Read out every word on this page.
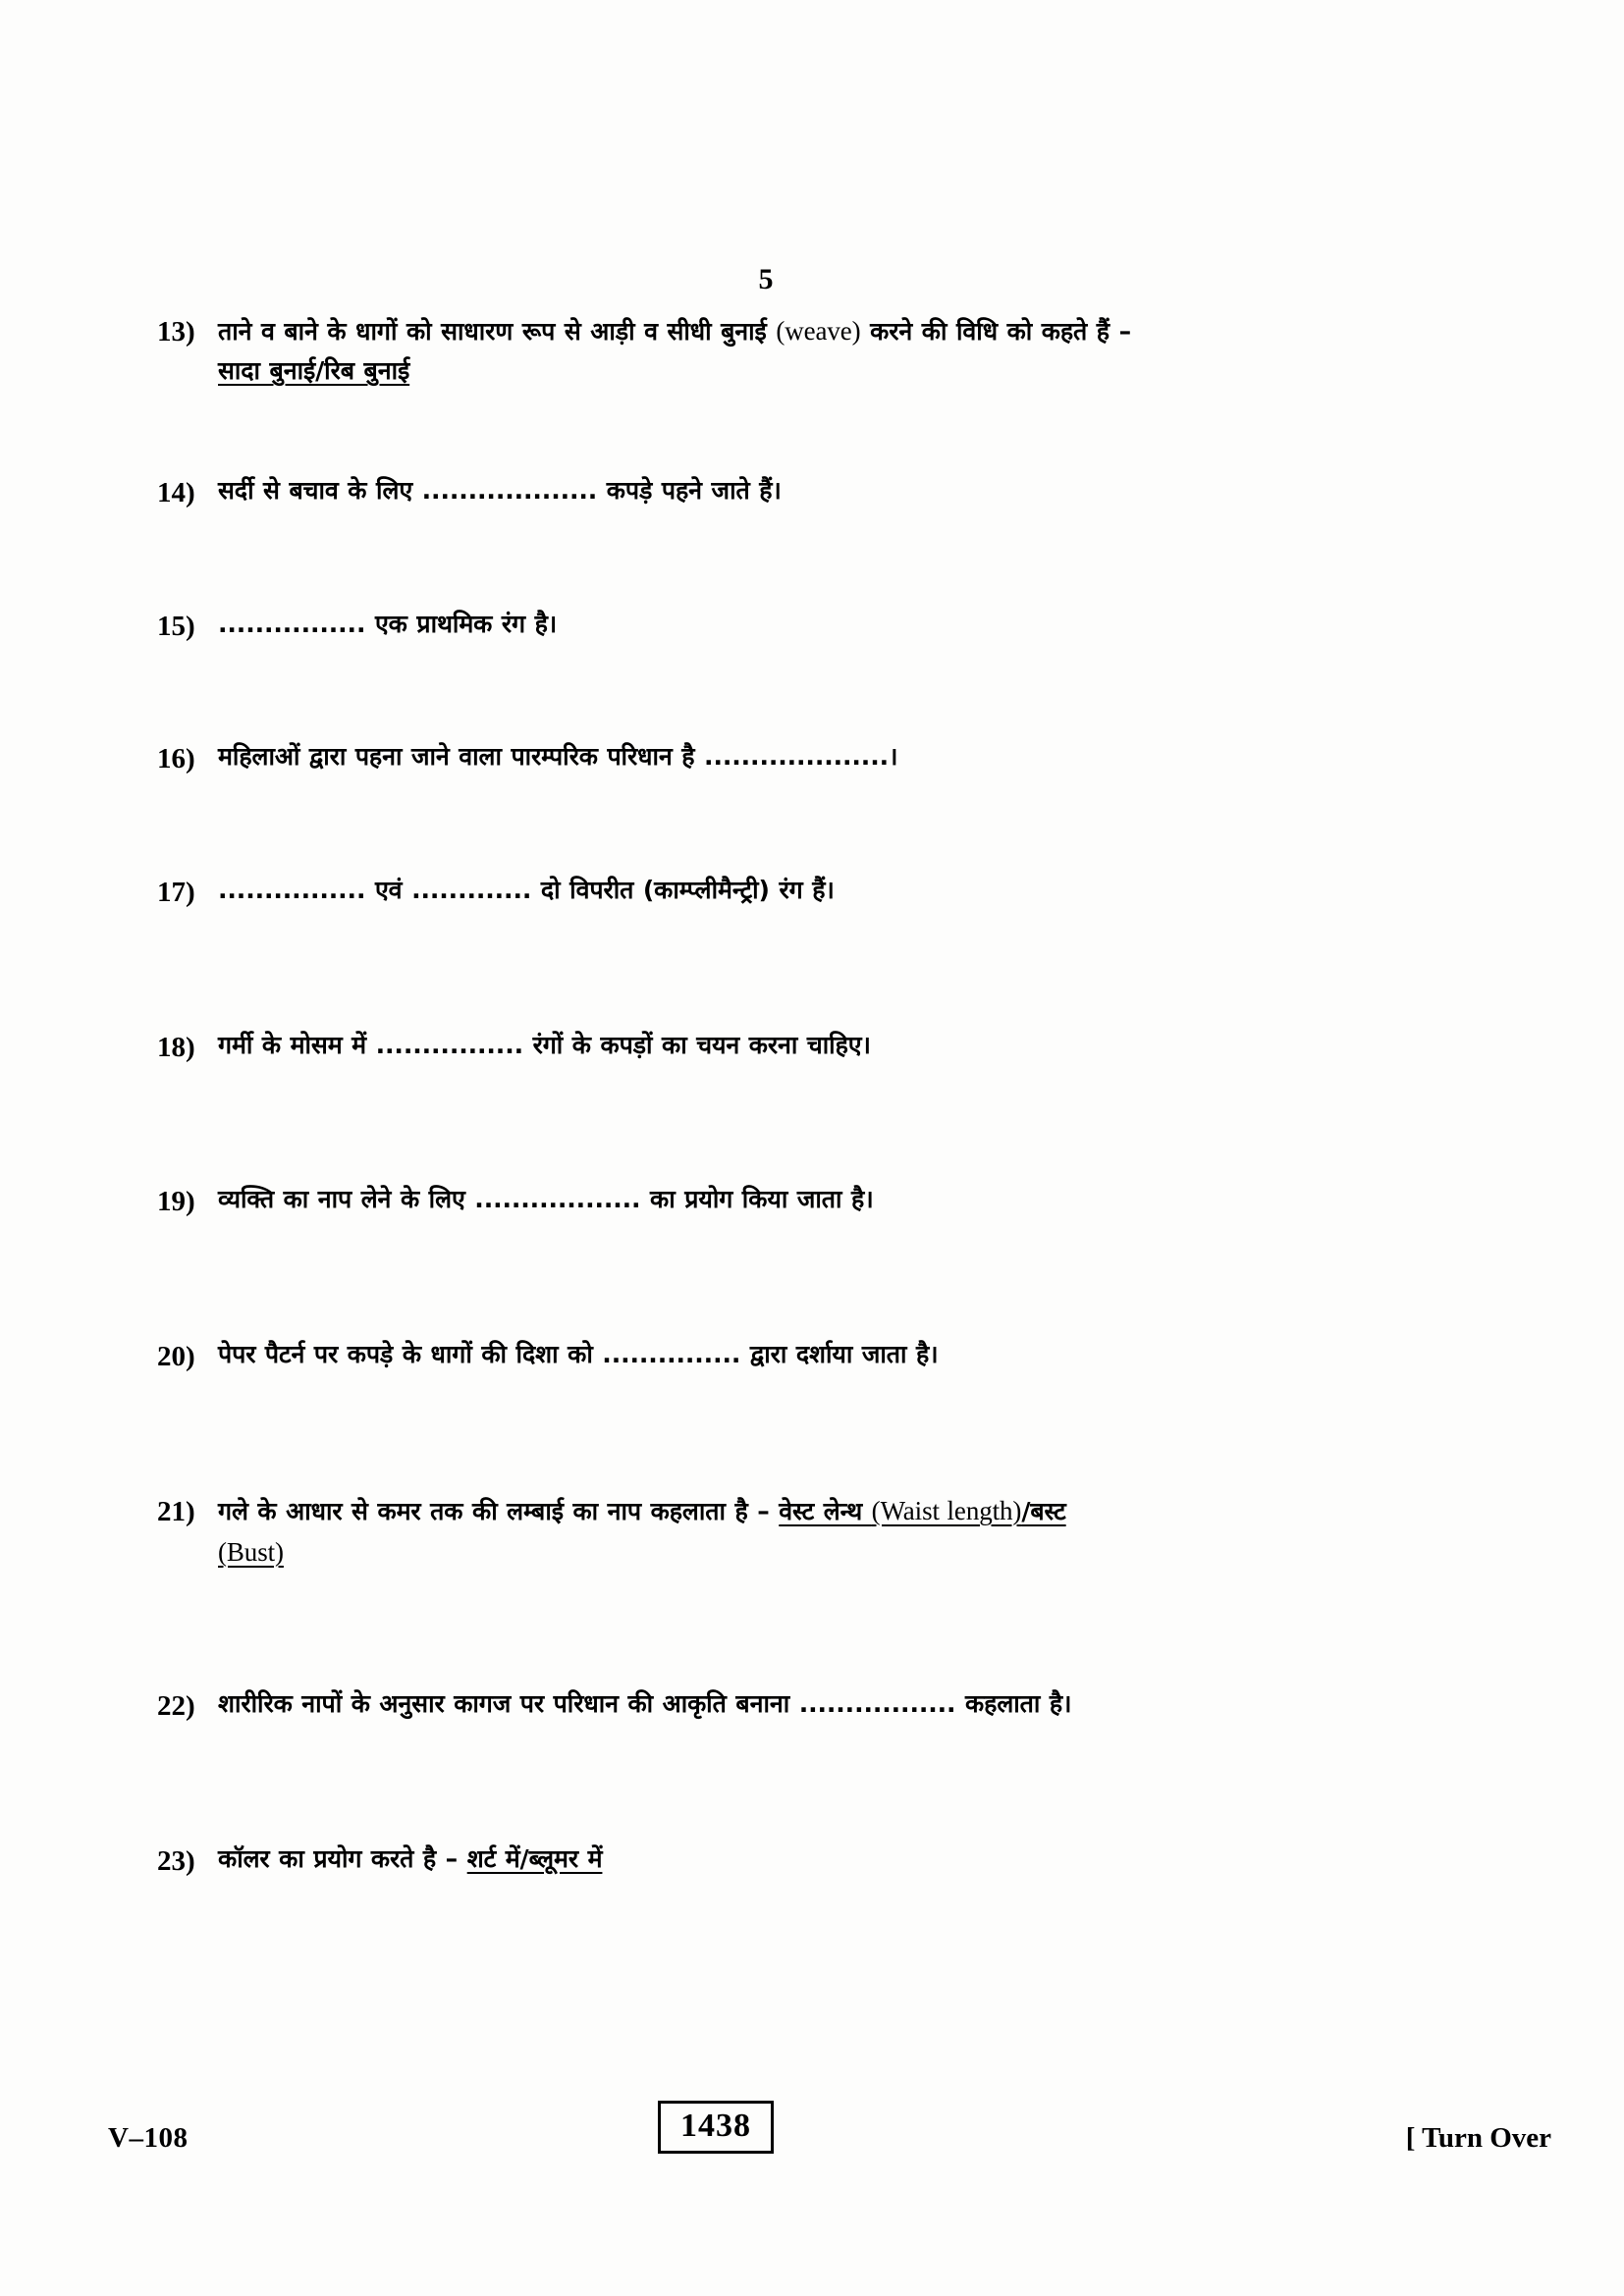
5
13) ताने व बाने के धागों को साधारण रूप से आड़ी व सीधी बुनाई (weave) करने की विधि को कहते हैं –
सादा बुनाई/रिब बुनाई
14) सर्दी से बचाव के लिए ................... कपड़े पहने जाते हैं।
15) ................ एक प्राथमिक रंग है।
16) महिलाओं द्वारा पहना जाने वाला पारम्परिक परिधान है ....................।
17) ................ एवं ............. दो विपरीत (काम्प्लीमैन्ट्री) रंग हैं।
18) गर्मी के मोसम में ................ रंगों के कपड़ों का चयन करना चाहिए।
19) व्यक्ति का नाप लेने के लिए .................. का प्रयोग किया जाता है।
20) पेपर पैटर्न पर कपड़े के धागों की दिशा को ............... द्वारा दर्शाया जाता है।
21) गले के आधार से कमर तक की लम्बाई का नाप कहलाता है – वेस्ट लेन्थ (Waist length)/बस्ट
(Bust)
22) शारीरिक नापों के अनुसार कागज पर परिधान की आकृति बनाना ................. कहलाता है।
23) कॉलर का प्रयोग करते है – शर्ट में/ब्लूमर में
V–108	1438	[ Turn Over
